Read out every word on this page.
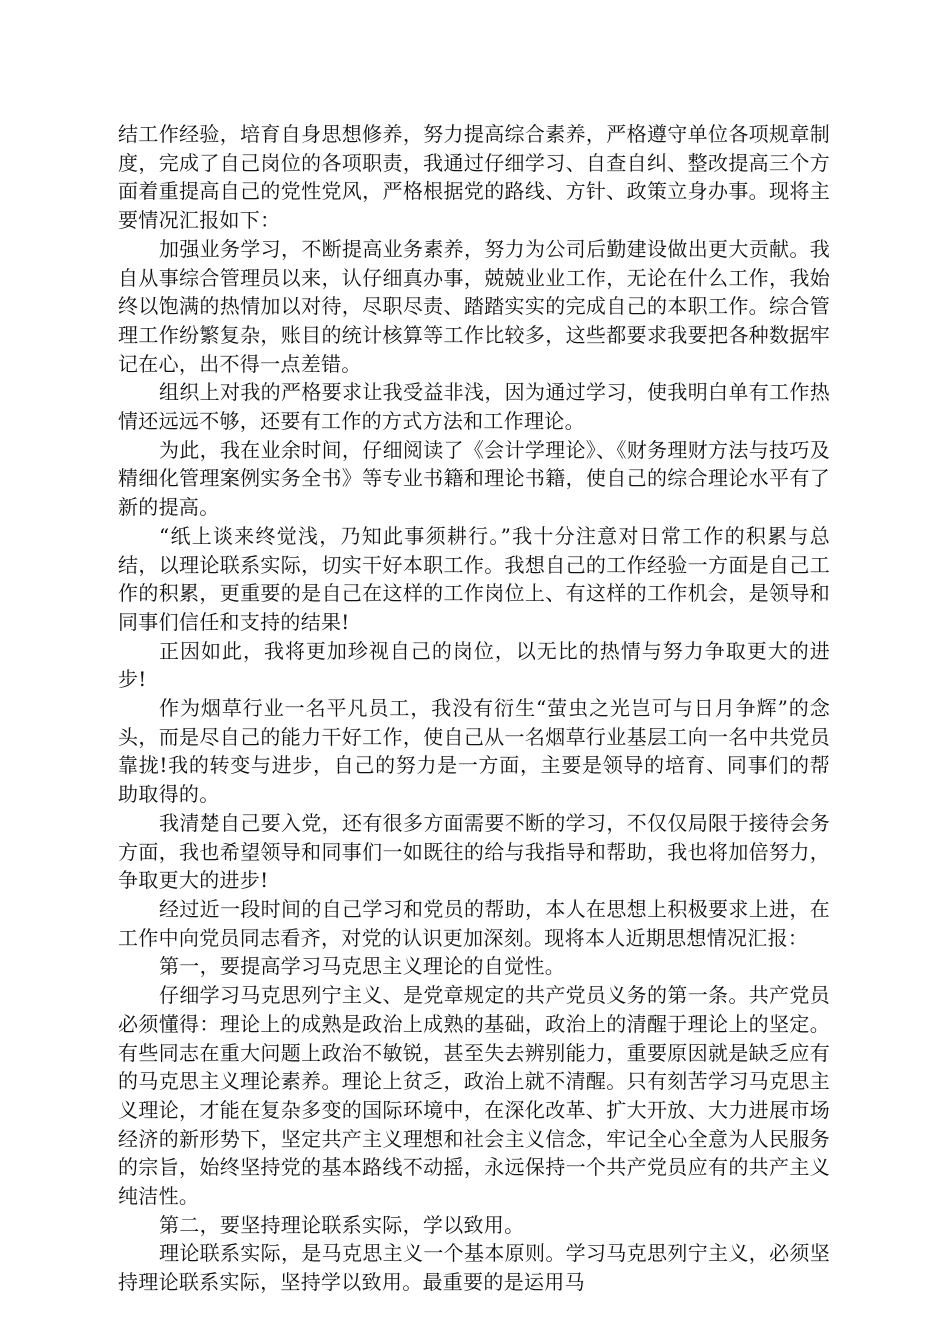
结工作经验，培育自身思想修养，努力提高综合素养，严格遵守单位各项规章制度，完成了自己岗位的各项职责，我通过仔细学习、自查自纠、整改提高三个方面着重提高自己的党性党风，严格根据党的路线、方针、政策立身办事。现将主要情况汇报如下：

加强业务学习，不断提高业务素养，努力为公司后勤建设做出更大贡献。我自从事综合管理员以来，认仔细真办事，兢兢业业工作，无论在什么工作，我始终以饱满的热情加以对待，尽职尽责、踏踏实实的完成自己的本职工作。综合管理工作纷繁复杂，账目的统计核算等工作比较多，这些都要求我要把各种数据牢记在心，出不得一点差错。

组织上对我的严格要求让我受益非浅，因为通过学习，使我明白单有工作热情还远远不够，还要有工作的方式方法和工作理论。

为此，我在业余时间，仔细阅读了《会计学理论》、《财务理财方法与技巧及精细化管理案例实务全书》等专业书籍和理论书籍，使自己的综合理论水平有了新的提高。

“纸上谈来终觉浅，乃知此事须耕行。”我十分注意对日常工作的积累与总结，以理论联系实际，切实干好本职工作。我想自己的工作经验一方面是自己工作的积累，更重要的是自己在这样的工作岗位上、有这样的工作机会，是领导和同事们信任和支持的结果!

正因如此，我将更加珍视自己的岗位，以无比的热情与努力争取更大的进步!

作为烟草行业一名平凡员工，我没有衍生“萤虫之光岂可与日月争辉”的念头，而是尽自己的能力干好工作，使自己从一名烟草行业基层工向一名中共党员靠拢!我的转变与进步，自己的努力是一方面，主要是领导的培育、同事们的帮助取得的。

我清楚自己要入党，还有很多方面需要不断的学习，不仅仅局限于接待会务方面，我也希望领导和同事们一如既往的给与我指导和帮助，我也将加倍努力，争取更大的进步!

经过近一段时间的自己学习和党员的帮助，本人在思想上积极要求上进，在工作中向党员同志看齐，对党的认识更加深刻。现将本人近期思想情况汇报：

第一，要提高学习马克思主义理论的自觉性。

仔细学习马克思列宁主义、是党章规定的共产党员义务的第一条。共产党员必须懂得：理论上的成熟是政治上成熟的基础，政治上的清醒于理论上的坚定。有些同志在重大问题上政治不敏锐，甚至失去辨别能力，重要原因就是缺乏应有的马克思主义理论素养。理论上贫乏，政治上就不清醒。只有刻苦学习马克思主义理论，才能在复杂多变的国际环境中，在深化改革、扩大开放、大力进展市场经济的新形势下，坚定共产主义理想和社会主义信念，牢记全心全意为人民服务的宗旨，始终坚持党的基本路线不动摇，永远保持一个共产党员应有的共产主义纯洁性。

第二，要坚持理论联系实际，学以致用。

理论联系实际，是马克思主义一个基本原则。学习马克思列宁主义，必须坚持理论联系实际，坚持学以致用。最重要的是运用马
